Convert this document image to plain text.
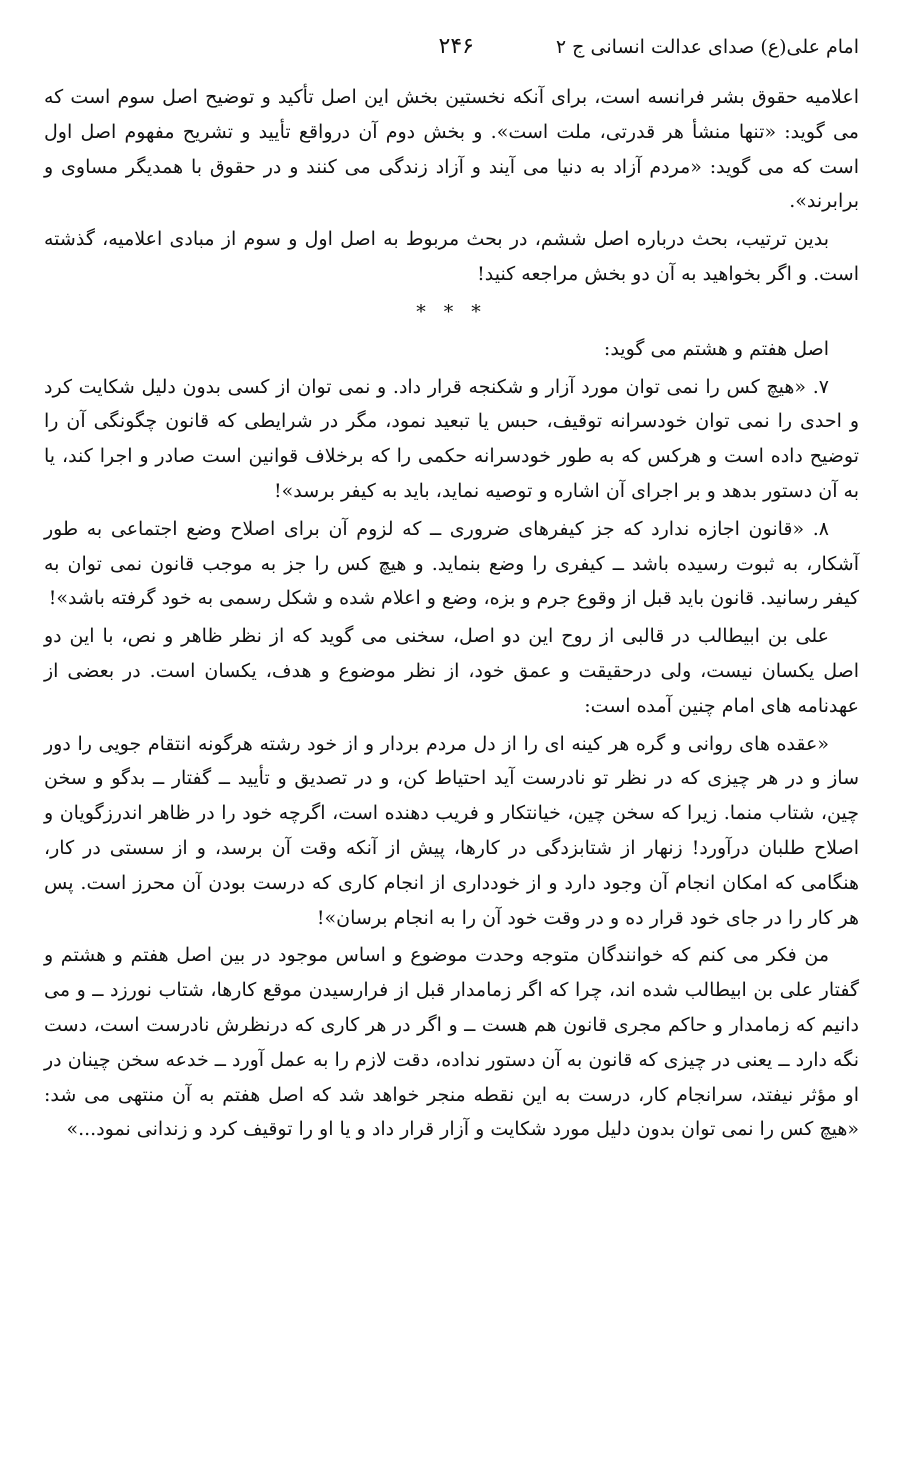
امام علی(ع) صدای عدالت انسانی ج ۲
۲۴۶

اعلامیه حقوق بشر فرانسه است، برای آنکه نخستین بخش این اصل تأکید و توضیح اصل سوم است که می گوید: «تنها منشأ هر قدرتی، ملت است». و بخش دوم آن درواقع تأیید و تشریح مفهوم اصل اول است که می گوید: «مردم آزاد به دنیا می آیند و آزاد زندگی می کنند و در حقوق با همدیگر مساوی و برابرند».

بدین ترتیب، بحث درباره اصل ششم، در بحث مربوط به اصل اول و سوم از مبادی اعلامیه، گذشته است. و اگر بخواهید به آن دو بخش مراجعه کنید!

* * *

اصل هفتم و هشتم می گوید:

۷. «هیچ کس را نمی توان مورد آزار و شکنجه قرار داد. و نمی توان از کسی بدون دلیل شکایت کرد و احدی را نمی توان خودسرانه توقیف، حبس یا تبعید نمود، مگر در شرایطی که قانون چگونگی آن را توضیح داده است و هرکس که به طور خودسرانه حکمی را که برخلاف قوانین است صادر و اجرا کند، یا به آن دستور بدهد و بر اجرای آن اشاره و توصیه نماید، باید به کیفر برسد»!

۸. «قانون اجازه ندارد که جز کیفرهای ضروری ــ که لزوم آن برای اصلاح وضع اجتماعی به طور آشکار، به ثبوت رسیده باشد ــ کیفری را وضع بنماید. و هیچ کس را جز به موجب قانون نمی توان به کیفر رسانید. قانون باید قبل از وقوع جرم و بزه، وضع و اعلام شده و شکل رسمی به خود گرفته باشد»!

علی بن ابیطالب در قالبی از روح این دو اصل، سخنی می گوید که از نظر ظاهر و نص، با این دو اصل یکسان نیست، ولی درحقیقت و عمق خود، از نظر موضوع و هدف، یکسان است. در بعضی از عهدنامه های امام چنین آمده است:

«عقده های روانی و گره هر کینه ای را از دل مردم بردار و از خود رشته هرگونه انتقام جویی را دور ساز و در هر چیزی که در نظر تو نادرست آید احتیاط کن، و در تصدیق و تأیید ــ گفتار ــ بدگو و سخن چین، شتاب منما. زیرا که سخن چین، خیانتکار و فریب دهنده است، اگرچه خود را در ظاهر اندرزگویان و اصلاح طلبان درآورد! زنهار از شتابزدگی در کارها، پیش از آنکه وقت آن برسد، و از سستی در کار، هنگامی که امکان انجام آن وجود دارد و از خودداری از انجام کاری که درست بودن آن محرز است. پس هر کار را در جای خود قرار ده و در وقت خود آن را به انجام برسان»!

من فکر می کنم که خوانندگان متوجه وحدت موضوع و اساس موجود در بین اصل هفتم و هشتم و گفتار علی بن ابیطالب شده اند، چرا که اگر زمامدار قبل از فرارسیدن موقع کارها، شتاب نورزد ــ و می دانیم که زمامدار و حاکم مجری قانون هم هست ــ و اگر در هر کاری که درنظرش نادرست است، دست نگه دارد ــ یعنی در چیزی که قانون به آن دستور نداده، دقت لازم را به عمل آورد ــ خدعه سخن چینان در او مؤثر نیفتد، سرانجام کار، درست به این نقطه منجر خواهد شد که اصل هفتم به آن منتهی می شد: «هیچ کس را نمی توان بدون دلیل مورد شکایت و آزار قرار داد و یا او را توقیف کرد و زندانی نمود...»
